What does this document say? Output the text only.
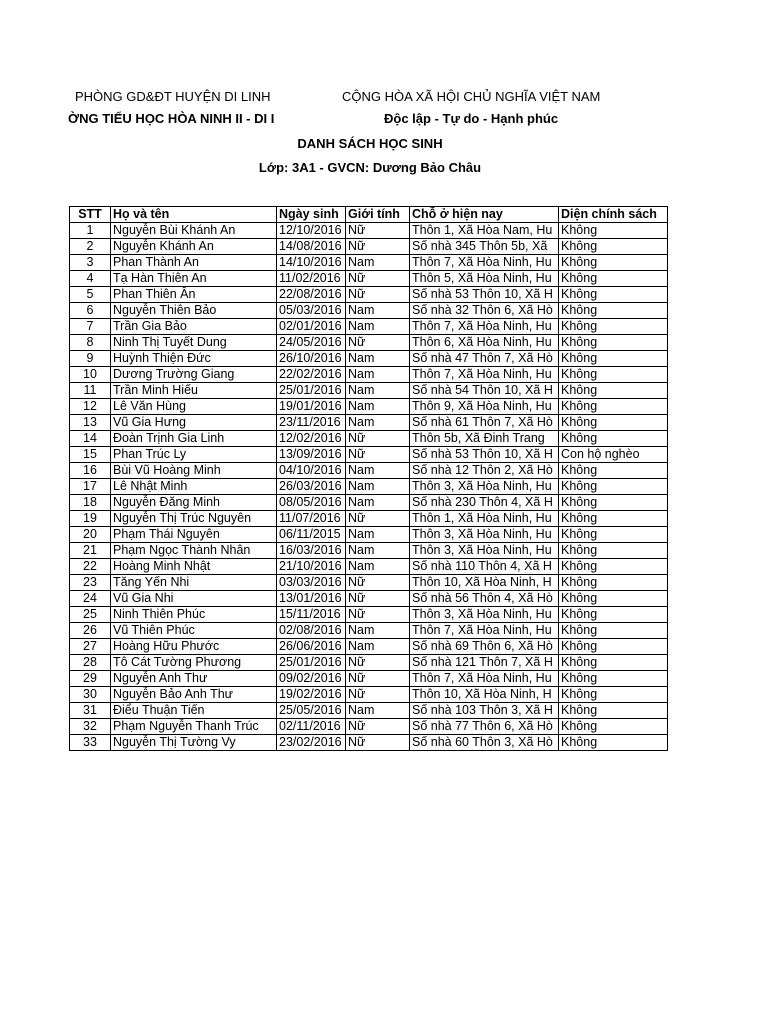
PHÒNG GD&ĐT HUYỆN DI LINH
ỜNG TIỂU HỌC HÒA NINH II - DI I
CỘNG HÒA XÃ HỘI CHỦ NGHĨA VIỆT NAM
Độc lập - Tự do - Hạnh phúc
DANH SÁCH HỌC SINH
Lớp: 3A1 - GVCN: Dương Bảo Châu
STT	Họ và tên	Ngày sinh	Giới tính	Chỗ ở hiện nay	Diện chính sách
1	Nguyễn Bùi Khánh An	12/10/2016	Nữ	Thôn 1, Xã Hòa Nam, Hu	Không
2	Nguyễn Khánh An	14/08/2016	Nữ	Số nhà 345 Thôn 5b, Xã	Không
3	Phan Thành An	14/10/2016	Nam	Thôn 7, Xã Hòa Ninh, Hu	Không
4	Tạ Hàn Thiên An	11/02/2016	Nữ	Thôn 5, Xã Hòa Ninh, Hu	Không
5	Phan Thiên Ân	22/08/2016	Nữ	Số nhà 53 Thôn 10, Xã H	Không
6	Nguyễn Thiên Bảo	05/03/2016	Nam	Số nhà 32 Thôn 6, Xã Hò	Không
7	Trần Gia Bảo	02/01/2016	Nam	Thôn 7, Xã Hòa Ninh, Hu	Không
8	Ninh Thị Tuyết Dung	24/05/2016	Nữ	Thôn 6, Xã Hòa Ninh, Hu	Không
9	Huỳnh Thiện Đức	26/10/2016	Nam	Số nhà 47 Thôn 7, Xã Hò	Không
10	Dương Trường Giang	22/02/2016	Nam	Thôn 7, Xã Hòa Ninh, Hu	Không
11	Trần Minh Hiếu	25/01/2016	Nam	Số nhà 54 Thôn 10, Xã H	Không
12	Lê Văn Hùng	19/01/2016	Nam	Thôn 9, Xã Hòa Ninh, Hu	Không
13	Vũ Gia Hưng	23/11/2016	Nam	Số nhà 61 Thôn 7, Xã Hò	Không
14	Đoàn Trịnh Gia Linh	12/02/2016	Nữ	Thôn 5b, Xã Đinh Trang	Không
15	Phan Trúc Ly	13/09/2016	Nữ	Số nhà 53 Thôn 10, Xã H	Con hộ nghèo
16	Bùi Vũ Hoàng Minh	04/10/2016	Nam	Số nhà 12 Thôn 2, Xã Hò	Không
17	Lê Nhật Minh	26/03/2016	Nam	Thôn 3, Xã Hòa Ninh, Hu	Không
18	Nguyễn Đăng Minh	08/05/2016	Nam	Số nhà 230 Thôn 4, Xã H	Không
19	Nguyễn Thị Trúc Nguyên	11/07/2016	Nữ	Thôn 1, Xã Hòa Ninh, Hu	Không
20	Phạm Thái Nguyên	06/11/2015	Nam	Thôn 3, Xã Hòa Ninh, Hu	Không
21	Phạm Ngọc Thành Nhân	16/03/2016	Nam	Thôn 3, Xã Hòa Ninh, Hu	Không
22	Hoàng Minh Nhật	21/10/2016	Nam	Số nhà 110 Thôn 4, Xã H	Không
23	Tăng Yến Nhi	03/03/2016	Nữ	Thôn 10, Xã Hòa Ninh, H	Không
24	Vũ Gia Nhi	13/01/2016	Nữ	Số nhà 56 Thôn 4, Xã Hò	Không
25	Ninh Thiên Phúc	15/11/2016	Nữ	Thôn 3, Xã Hòa Ninh, Hu	Không
26	Vũ Thiên Phúc	02/08/2016	Nam	Thôn 7, Xã Hòa Ninh, Hu	Không
27	Hoàng Hữu Phước	26/06/2016	Nam	Số nhà 69 Thôn 6, Xã Hò	Không
28	Tô Cát Tường Phương	25/01/2016	Nữ	Số nhà 121 Thôn 7, Xã H	Không
29	Nguyễn Anh Thư	09/02/2016	Nữ	Thôn 7, Xã Hòa Ninh, Hu	Không
30	Nguyễn Bảo Anh Thư	19/02/2016	Nữ	Thôn 10, Xã Hòa Ninh, H	Không
31	Điểu Thuận Tiến	25/05/2016	Nam	Số nhà 103 Thôn 3, Xã H	Không
32	Phạm Nguyễn Thanh Trúc	02/11/2016	Nữ	Số nhà 77 Thôn 6, Xã Hò	Không
33	Nguyễn Thị Tường Vy	23/02/2016	Nữ	Số nhà 60 Thôn 3, Xã Hò	Không
